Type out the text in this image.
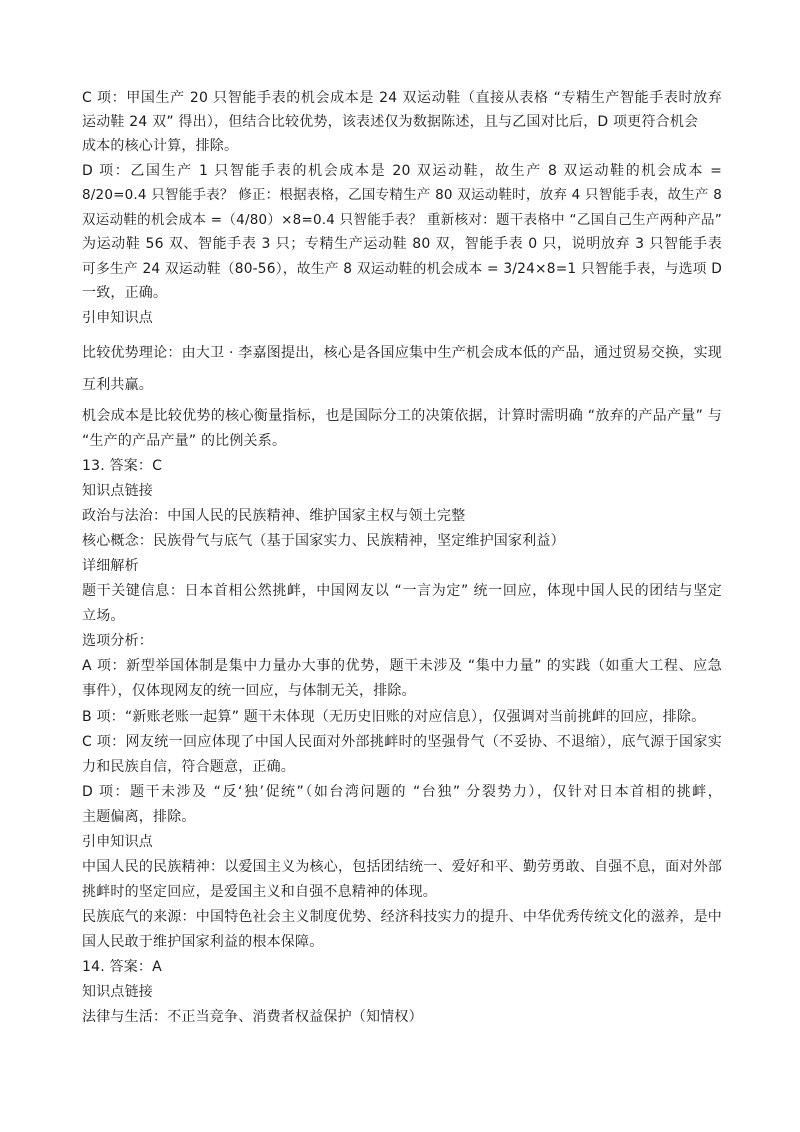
C 项：甲国生产 20 只智能手表的机会成本是 24 双运动鞋（直接从表格 “专精生产智能手表时放弃
运动鞋 24 双” 得出），但结合比较优势，该表述仅为数据陈述，且与乙国对比后，D 项更符合机会
成本的核心计算，排除。
D 项：乙国生产 1 只智能手表的机会成本是 20 双运动鞋，故生产 8 双运动鞋的机会成本 =
8/20=0.4 只智能手表？ 修正：根据表格，乙国专精生产 80 双运动鞋时，放弃 4 只智能手表，故生产 8
双运动鞋的机会成本 =（4/80）×8=0.4 只智能手表？ 重新核对：题干表格中 “乙国自己生产两种产品”
为运动鞋 56 双、智能手表 3 只；专精生产运动鞋 80 双，智能手表 0 只，说明放弃 3 只智能手表
可多生产 24 双运动鞋（80-56），故生产 8 双运动鞋的机会成本 = 3/24×8=1 只智能手表，与选项 D
一致，正确。
引申知识点
比较优势理论：由大卫 · 李嘉图提出，核心是各国应集中生产机会成本低的产品，通过贸易交换，实现
互利共赢。
机会成本是比较优势的核心衡量指标，也是国际分工的决策依据，计算时需明确 “放弃的产品产量” 与
“生产的产品产量” 的比例关系。
13. 答案：C
知识点链接
政治与法治：中国人民的民族精神、维护国家主权与领土完整
核心概念：民族骨气与底气（基于国家实力、民族精神，坚定维护国家利益）
详细解析
题干关键信息：日本首相公然挑衅，中国网友以 “一言为定” 统一回应，体现中国人民的团结与坚定
立场。
选项分析：
A 项：新型举国体制是集中力量办大事的优势，题干未涉及 “集中力量” 的实践（如重大工程、应急
事件），仅体现网友的统一回应，与体制无关，排除。
B 项：“新账老账一起算” 题干未体现（无历史旧账的对应信息），仅强调对当前挑衅的回应，排除。
C 项：网友统一回应体现了中国人民面对外部挑衅时的坚强骨气（不妥协、不退缩），底气源于国家实
力和民族自信，符合题意，正确。
D 项：题干未涉及 “反‘独’促统”（如台湾问题的 “台独” 分裂势力），仅针对日本首相的挑衅，
主题偏离，排除。
引申知识点
中国人民的民族精神：以爱国主义为核心，包括团结统一、爱好和平、勤劳勇敢、自强不息，面对外部
挑衅时的坚定回应，是爱国主义和自强不息精神的体现。
民族底气的来源：中国特色社会主义制度优势、经济科技实力的提升、中华优秀传统文化的滋养，是中
国人民敢于维护国家利益的根本保障。
14. 答案：A
知识点链接
法律与生活：不正当竞争、消费者权益保护（知情权）
